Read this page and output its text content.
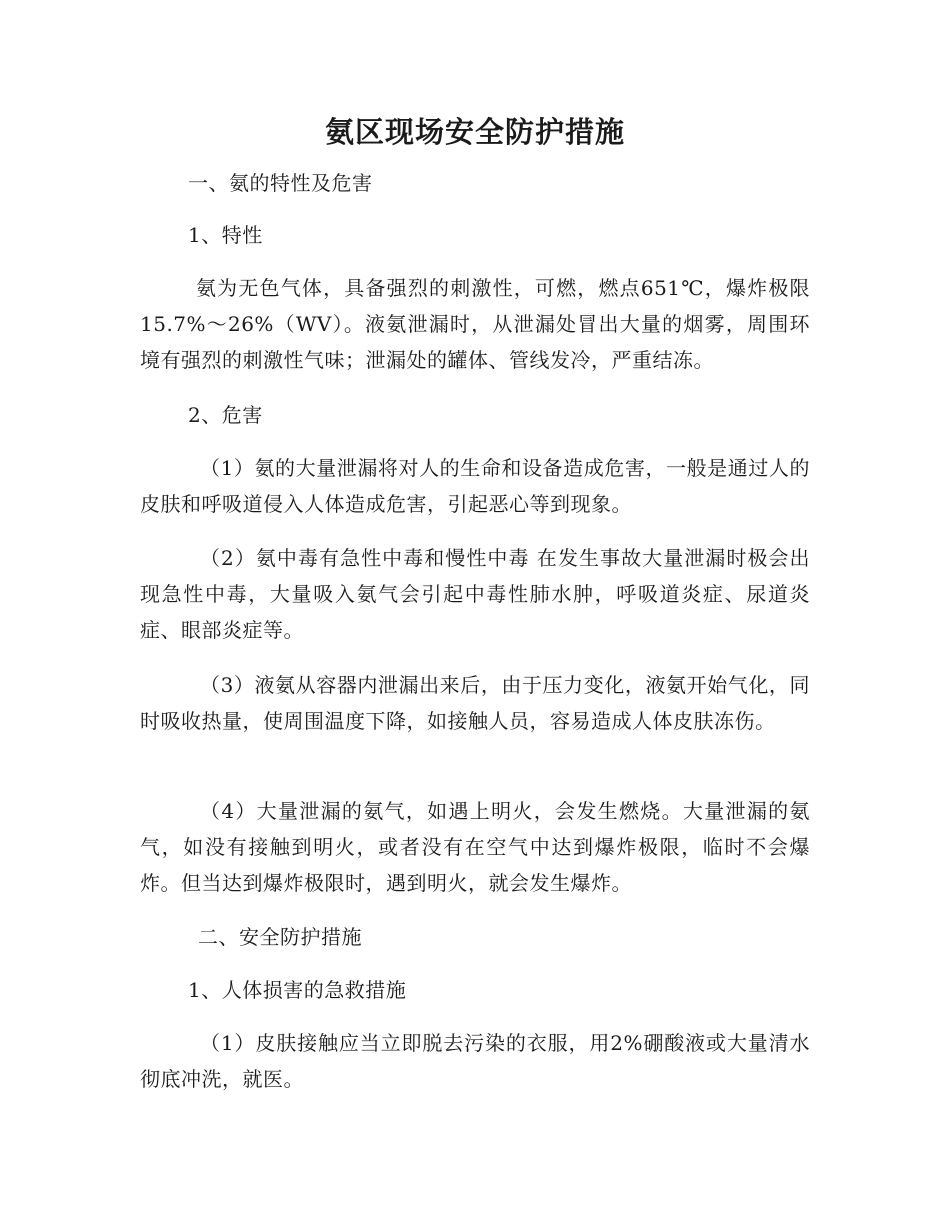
氨区现场安全防护措施
一、氨的特性及危害
1、特性
氨为无色气体，具备强烈的刺激性，可燃，燃点651℃，爆炸极限15.7%～26%（WV）。液氨泄漏时，从泄漏处冒出大量的烟雾，周围环境有强烈的刺激性气味；泄漏处的罐体、管线发冷，严重结冻。
2、危害
（1）氨的大量泄漏将对人的生命和设备造成危害，一般是通过人的皮肤和呼吸道侵入人体造成危害，引起恶心等到现象。
（2）氨中毒有急性中毒和慢性中毒 在发生事故大量泄漏时极会出现急性中毒，大量吸入氨气会引起中毒性肺水肿，呼吸道炎症、尿道炎症、眼部炎症等。
（3）液氨从容器内泄漏出来后，由于压力变化，液氨开始气化，同时吸收热量，使周围温度下降，如接触人员，容易造成人体皮肤冻伤。
（4）大量泄漏的氨气，如遇上明火，会发生燃烧。大量泄漏的氨气，如没有接触到明火，或者没有在空气中达到爆炸极限，临时不会爆炸。但当达到爆炸极限时，遇到明火，就会发生爆炸。
二、安全防护措施
1、人体损害的急救措施
（1）皮肤接触应当立即脱去污染的衣服，用2%硼酸液或大量清水彻底冲洗，就医。
